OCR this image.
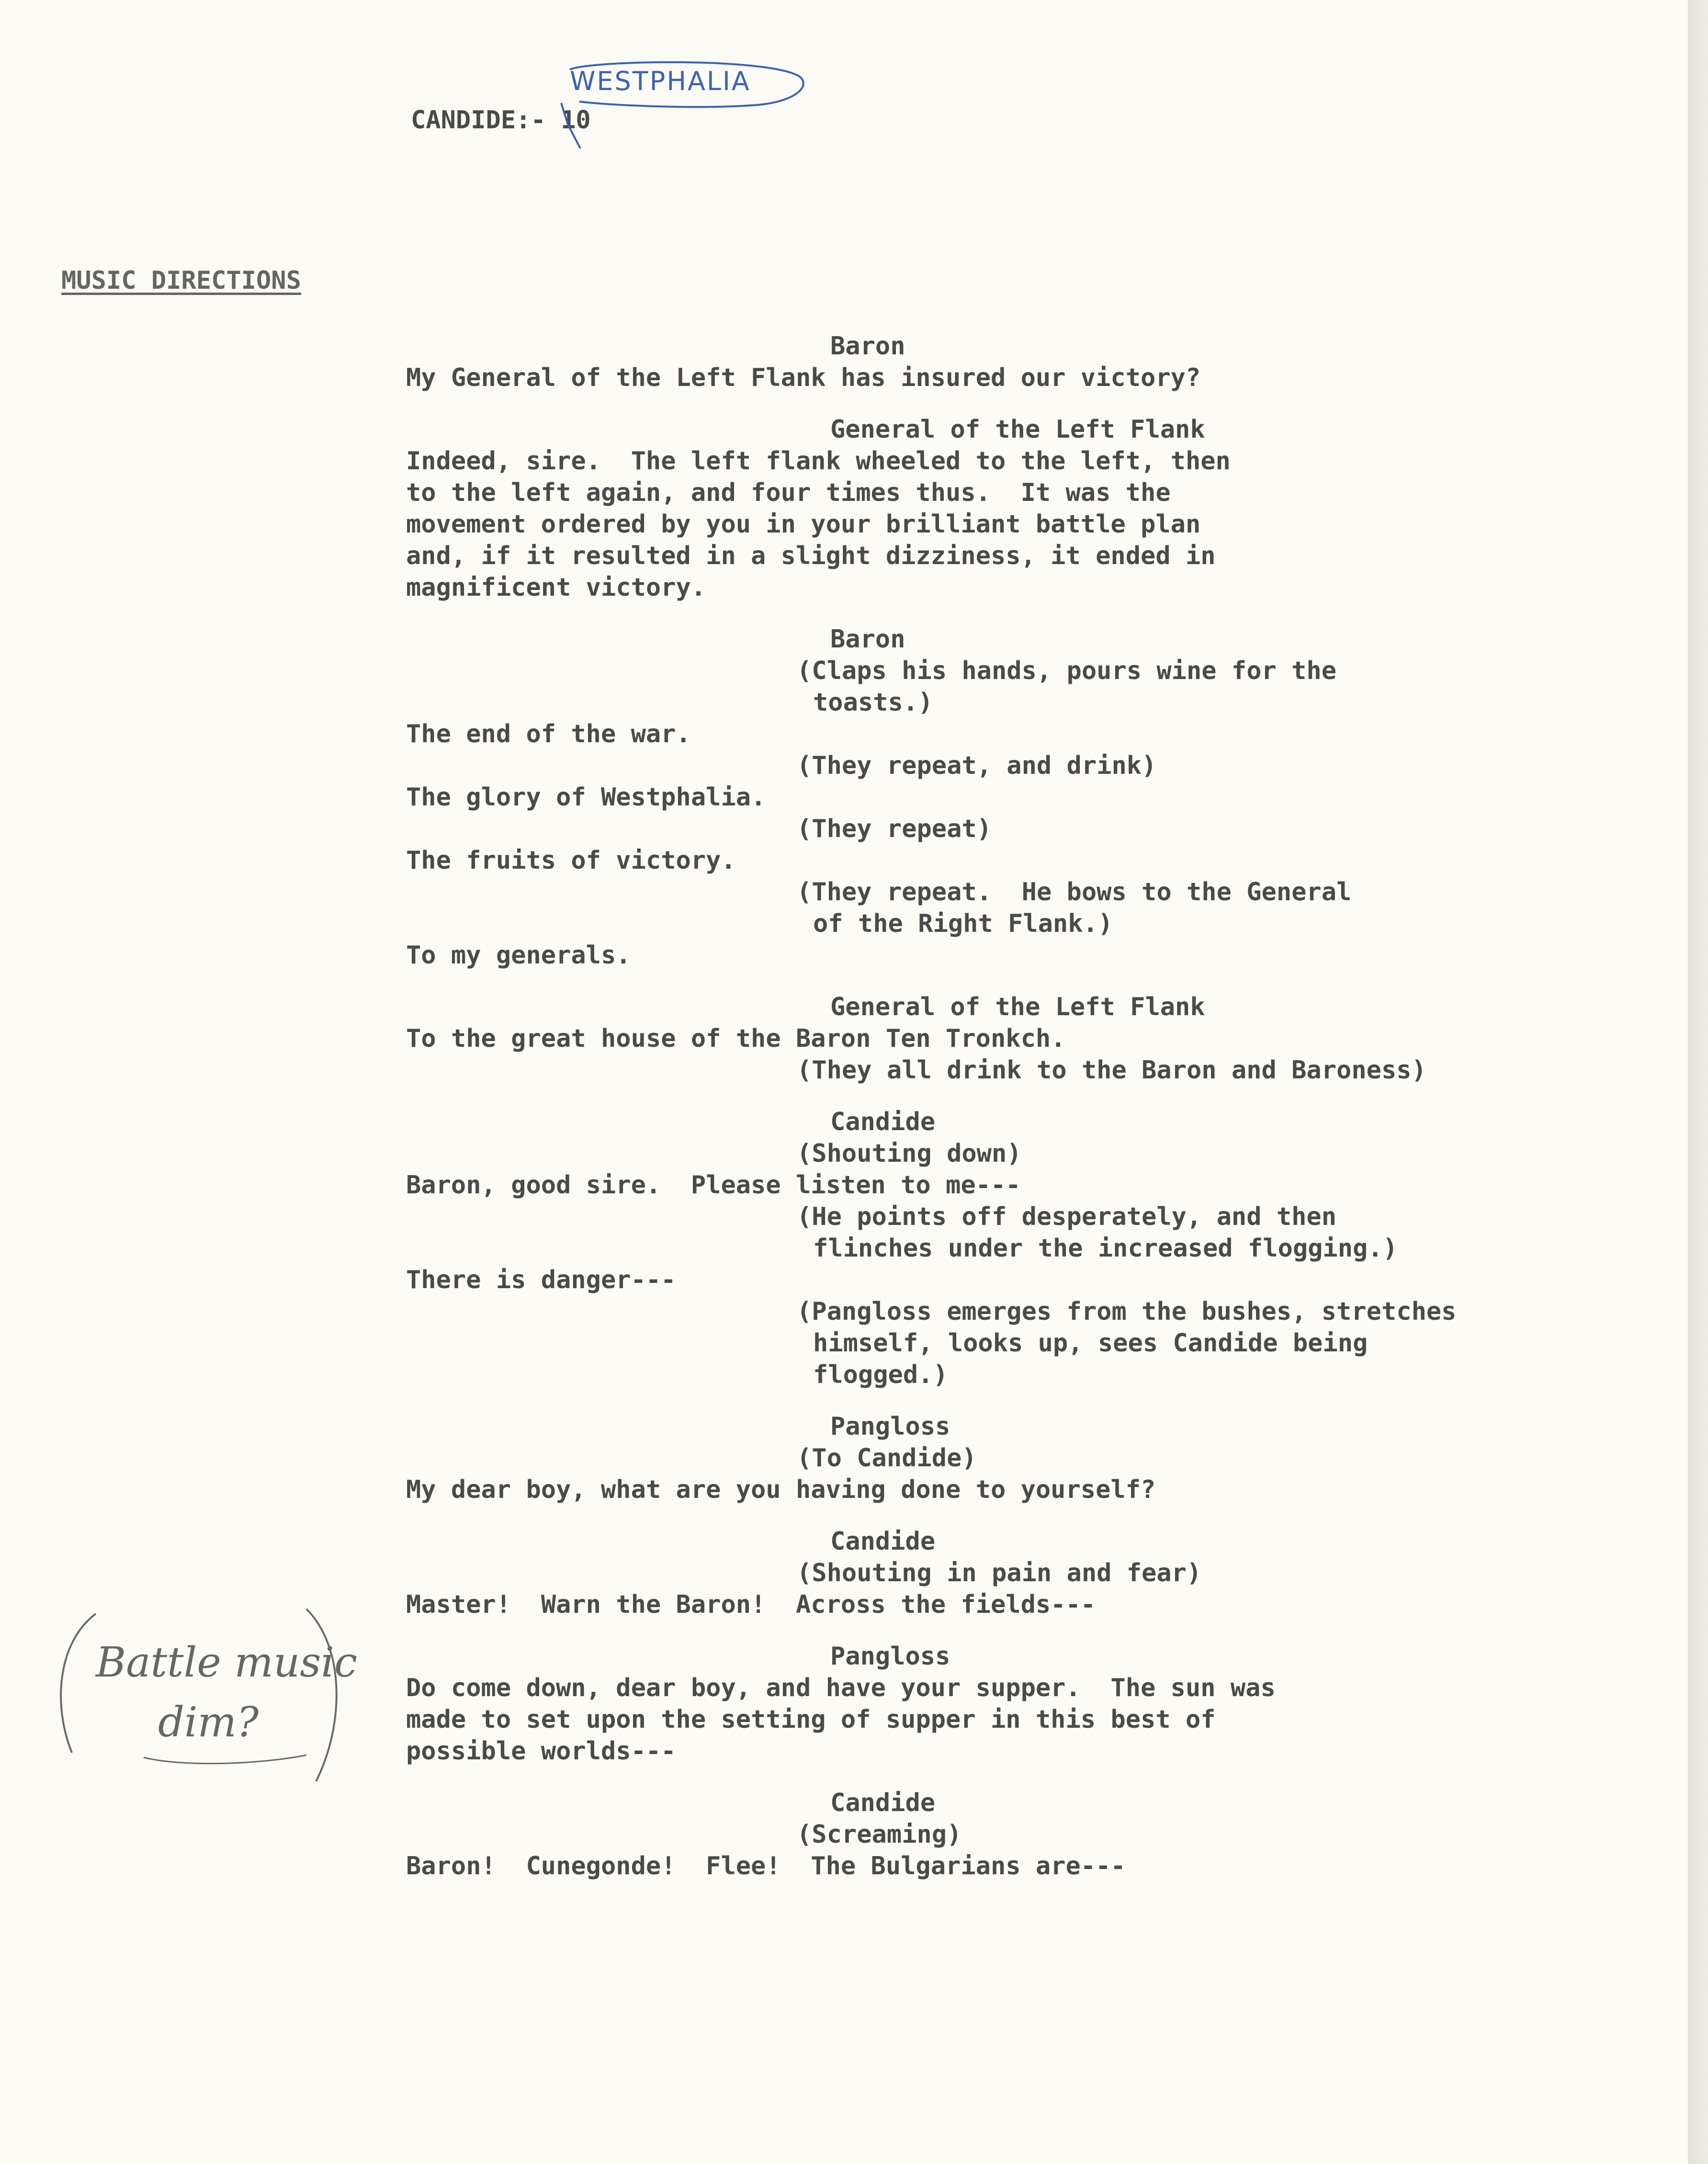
CANDIDE:- 10
WESTPHALIA
MUSIC DIRECTIONS
Baron
My General of the Left Flank has insured our victory?
General of the Left Flank
Indeed, sire.  The left flank wheeled to the left, then
to the left again, and four times thus.  It was the
movement ordered by you in your brilliant battle plan
and, if it resulted in a slight dizziness, it ended in
magnificent victory.
Baron
(Claps his hands, pours wine for the
toasts.)
The end of the war.
(They repeat, and drink)
The glory of Westphalia.
(They repeat)
The fruits of victory.
(They repeat.  He bows to the General
of the Right Flank.)
To my generals.
General of the Left Flank
To the great house of the Baron Ten Tronkch.
(They all drink to the Baron and Baroness)
Candide
(Shouting down)
Baron, good sire.  Please listen to me---
(He points off desperately, and then
flinches under the increased flogging.)
There is danger---
(Pangloss emerges from the bushes, stretches
himself, looks up, sees Candide being
flogged.)
Pangloss
(To Candide)
My dear boy, what are you having done to yourself?
Candide
(Shouting in pain and fear)
Master!  Warn the Baron!  Across the fields---
Pangloss
Do come down, dear boy, and have your supper.  The sun was
made to set upon the setting of supper in this best of
possible worlds---
Candide
(Screaming)
Baron!  Cunegonde!  Flee!  The Bulgarians are---
Battle music
dim?
